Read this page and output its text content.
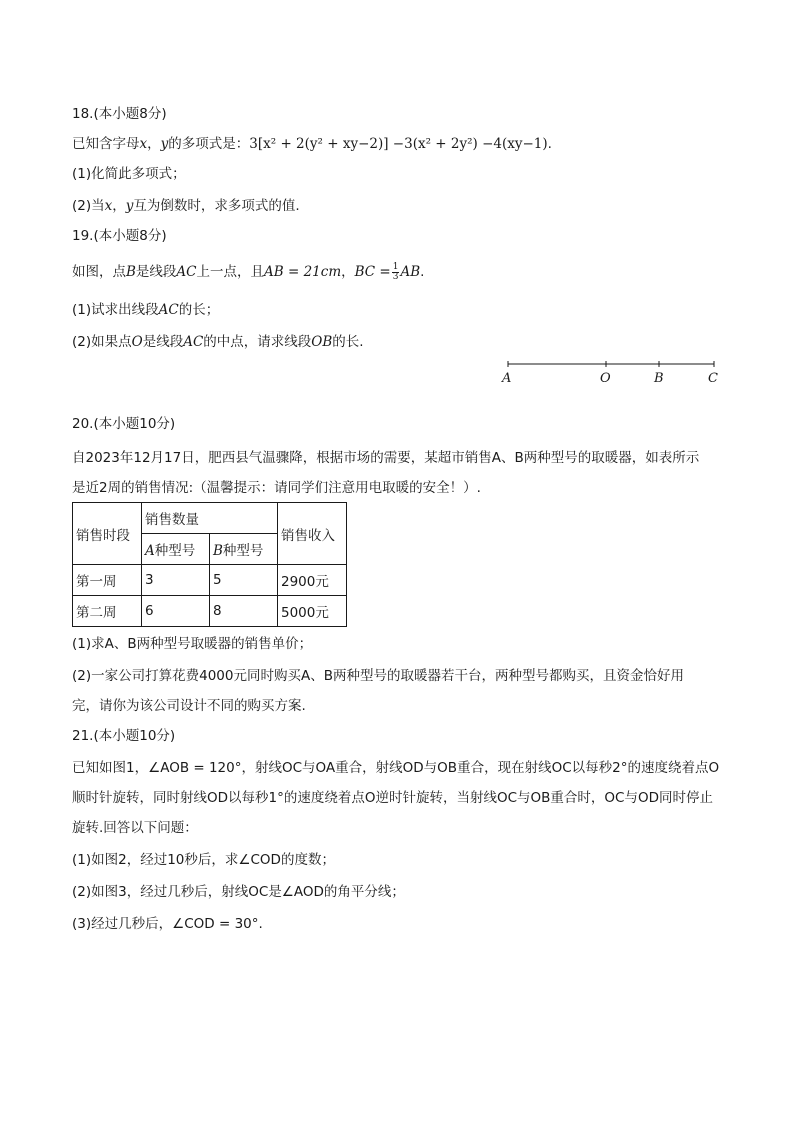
18.(本小题8分)
已知含字母x，y的多项式是：3[x² + 2(y² + xy−2)] −3(x² + 2y²) −4(xy−1).
(1)化简此多项式；
(2)当x，y互为倒数时，求多项式的值.
19.(本小题8分)
如图，点B是线段AC上一点，且AB = 21cm，BC = $\frac{1}{3}$ AB.
(1)试求出线段AC的长；
(2)如果点O是线段AC的中点，请求线段OB的长.
A	O	B	C
20.(本小题10分)
自2023年12月17日，肥西县气温骤降，根据市场的需要，某超市销售A、B两种型号的取暖器，如表所示
是近2周的销售情况:（温馨提示：请同学们注意用电取暖的安全！）.
销售时段	销售数量		销售收入
	A种型号	B种型号	
第一周	3	5	2900元
第二周	6	8	5000元
(1)求A、B两种型号取暖器的销售单价；
(2)一家公司打算花费4000元同时购买A、B两种型号的取暖器若干台，两种型号都购买，且资金恰好用
完，请你为该公司设计不同的购买方案.
21.(本小题10分)
已知如图1，∠AOB = 120°，射线OC与OA重合，射线OD与OB重合，现在射线OC以每秒2°的速度绕着点O
顺时针旋转，同时射线OD以每秒1°的速度绕着点O逆时针旋转，当射线OC与OB重合时，OC与OD同时停止
旋转.回答以下问题：
(1)如图2，经过10秒后，求∠COD的度数；
(2)如图3，经过几秒后，射线OC是∠AOD的角平分线；
(3)经过几秒后，∠COD = 30°.
